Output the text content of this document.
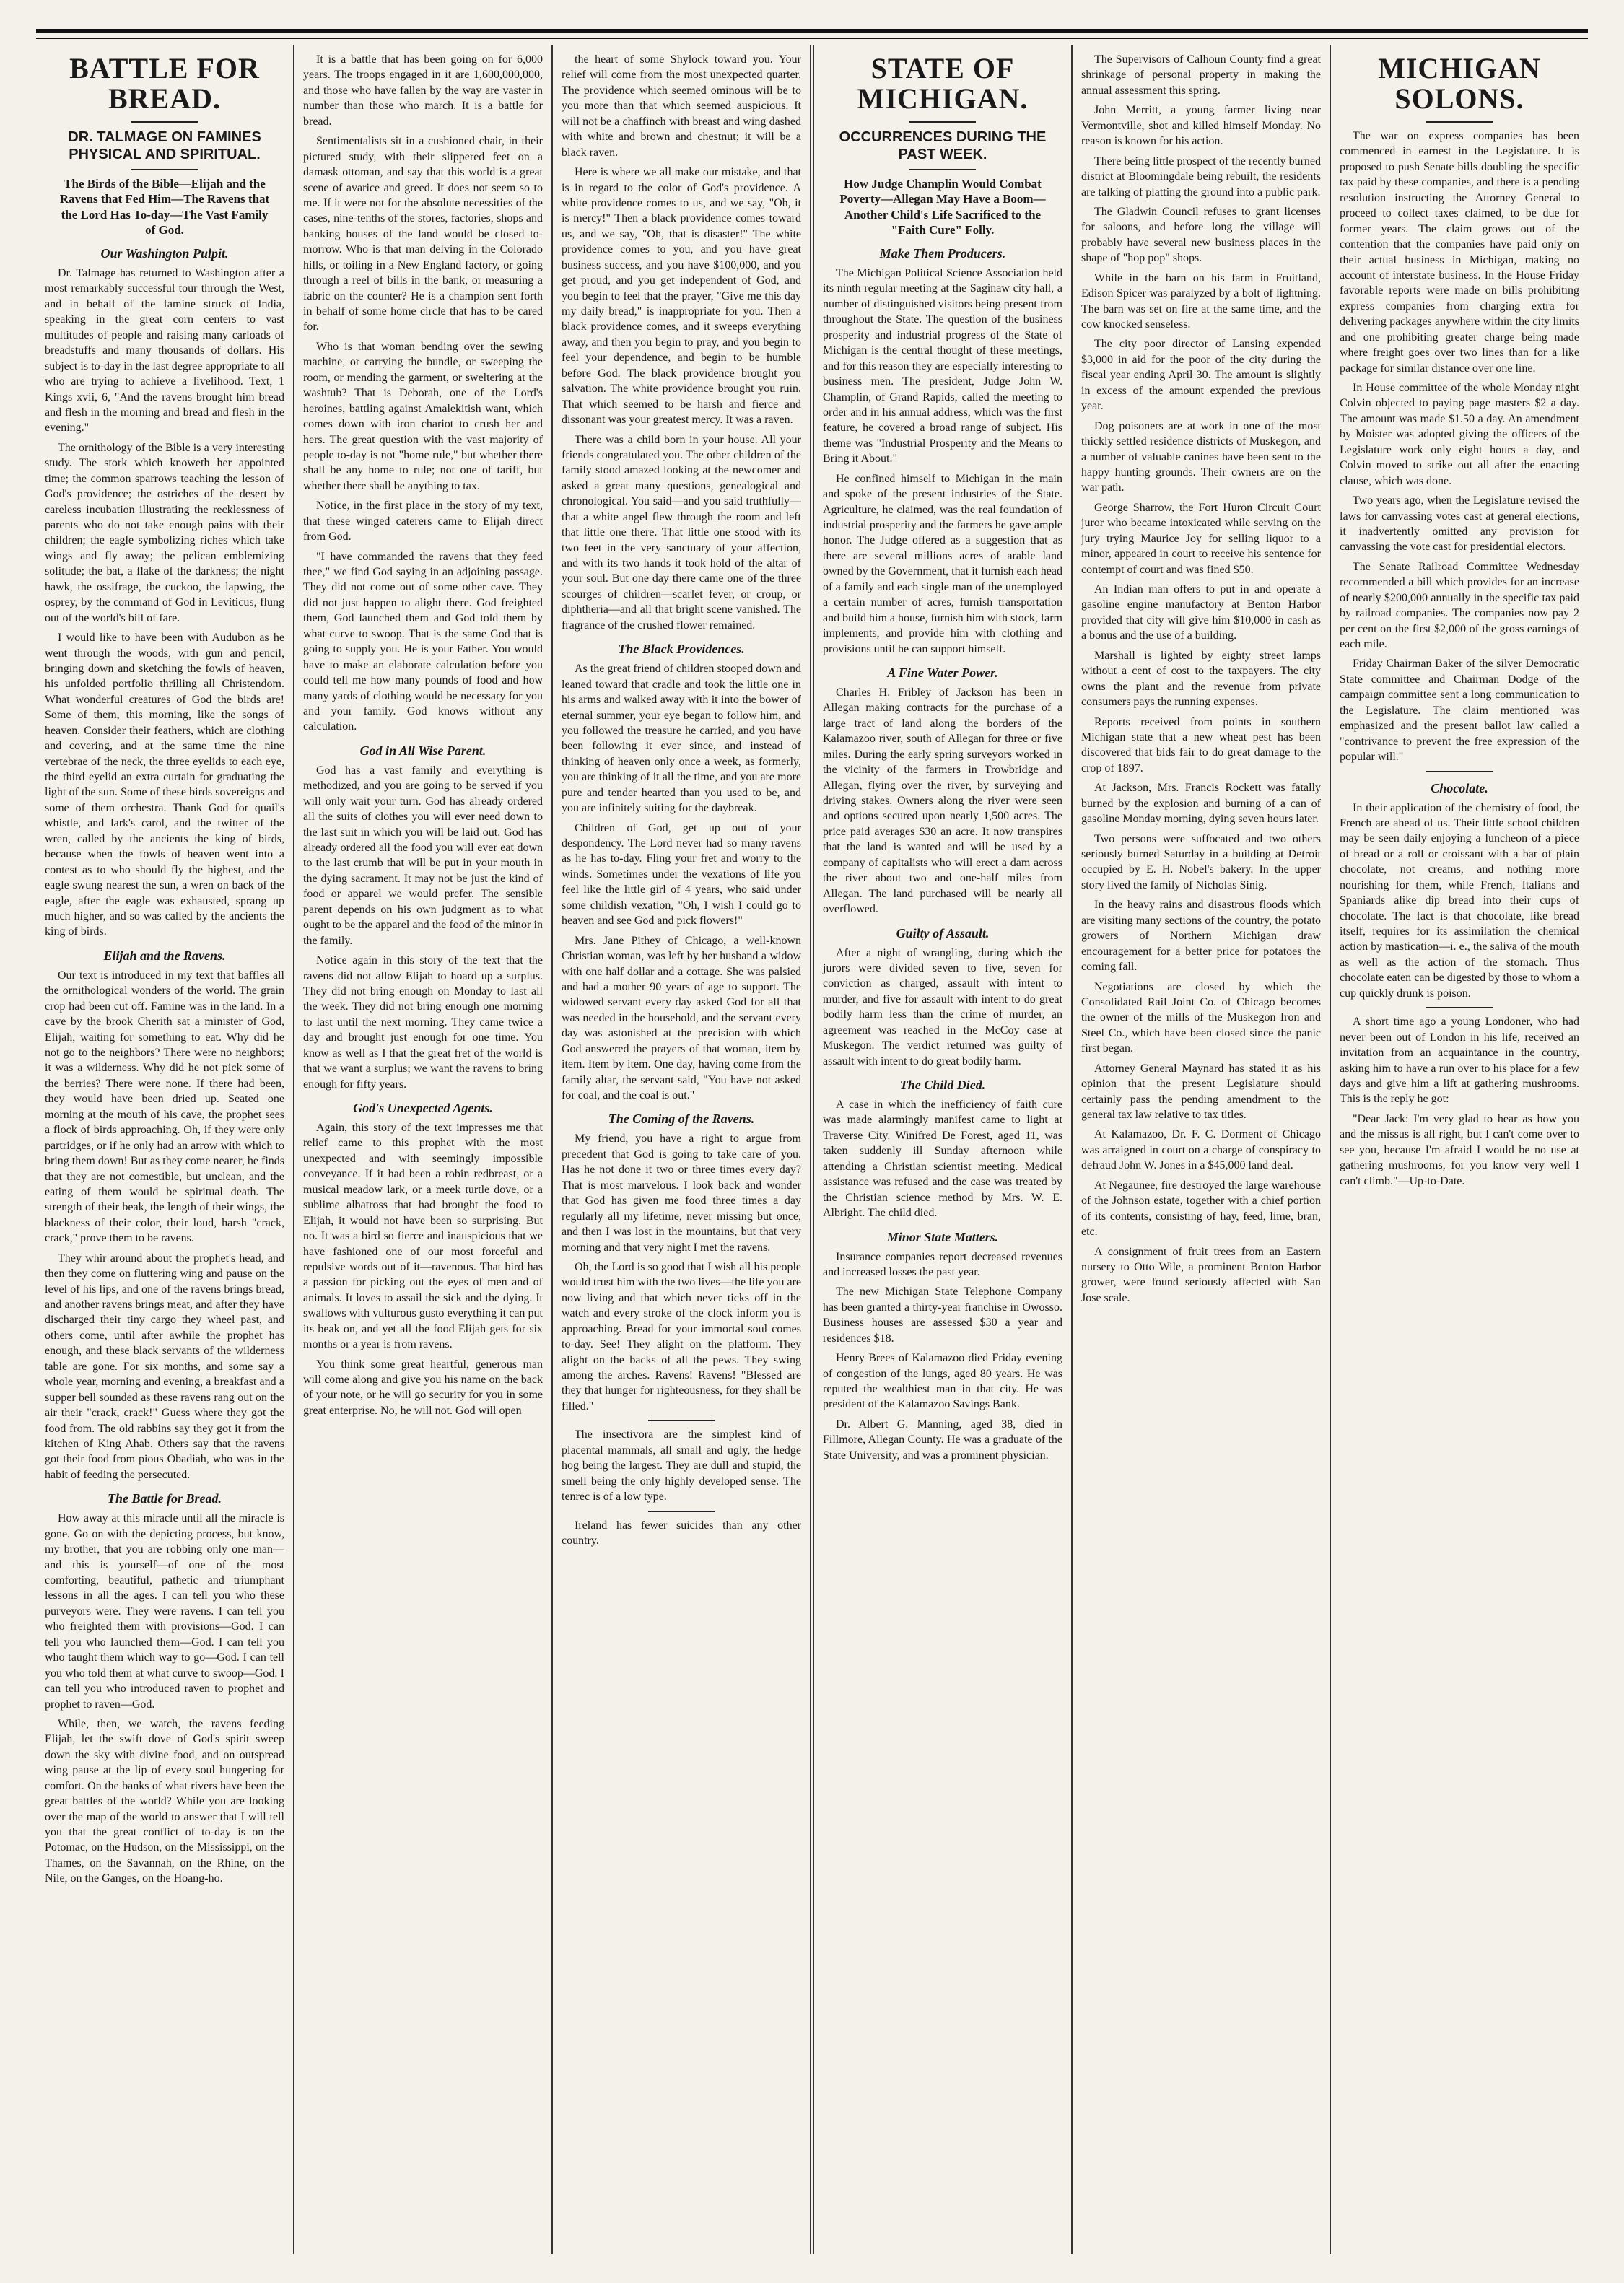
BATTLE FOR BREAD.
DR. TALMAGE ON FAMINES PHYSICAL AND SPIRITUAL.
The Birds of the Bible—Elijah and the Ravens that Fed Him—The Ravens that the Lord Has To-day—The Vast Family of God.
Our Washington Pulpit.

Dr. Talmage has returned to Washington after a most remarkably successful tour through the West, and in behalf of the famine struck of India, speaking in the great corn centers to vast multitudes of people and raising many carloads of breadstuffs and many thousands of dollars. His subject is to-day in the last degree appropriate to all who are trying to achieve a livelihood. Text, 1 Kings xvii, 6, "And the ravens brought him bread and flesh in the morning and bread and flesh in the evening."

The ornithology of the Bible is a very interesting study. The stork which knoweth her appointed time; the common sparrows teaching the lesson of God's providence; the ostriches of the desert by careless incubation illustrating the recklessness of parents who do not take enough pains with their children; the eagle symbolizing riches which take wings and fly away; the pelican emblemizing solitude; the bat, a flake of the darkness; the night hawk, the ossifrage, the cuckoo, the lapwing, the osprey, by the command of God in Leviticus, flung out of the world's bill of fare.

I would like to have been with Audubon as he went through the woods, with gun and pencil, bringing down and sketching the fowls of heaven, his unfolded portfolio thrilling all Christendom. What wonderful creatures of God the birds are! Some of them, this morning, like the songs of heaven. Consider their feathers, which are clothing and covering, and at the same time the nine vertebrae of the neck, the three eyelids to each eye, the third eyelid an extra curtain for graduating the light of the sun. Some of these birds sovereigns and some of them orchestra. Thank God for quail's whistle, and lark's carol, and the twitter of the wren, called by the ancients the king of birds, because when the fowls of heaven went into a contest as to who should fly the highest, and the eagle swung nearest the sun, a wren on back of the eagle, after the eagle was exhausted, sprang up much higher, and so was called by the ancients the king of birds.

Elijah and the Ravens.

Our text is introduced in my text that baffles all the ornithological wonders of the world. The grain crop had been cut off. Famine was in the land. In a cave by the brook Cherith sat a minister of God, Elijah, waiting for something to eat. Why did he not go to the neighbors? There were no neighbors; it was a wilderness. Why did he not pick some of the berries? There were none. If there had been, they would have been dried up. Seated one morning at the mouth of his cave, the prophet sees a flock of birds approaching. Oh, if they were only partridges, or if he only had an arrow with which to bring them down! But as they come nearer, he finds that they are not comestible, but unclean, and the eating of them would be spiritual death. The strength of their beak, the length of their wings, the blackness of their color, their loud, harsh "crack, crack," prove them to be ravens.

They whir around about the prophet's head, and then they come on fluttering wing and pause on the level of his lips, and one of the ravens brings bread, and another ravens brings meat, and after they have discharged their tiny cargo they wheel past, and others come, until after awhile the prophet has enough, and these black servants of the wilderness table are gone. For six months, and some say a whole year, morning and evening, a breakfast and a supper bell sounded as these ravens rang out on the air their "crack, crack!" Guess where they got the food from. The old rabbins say they got it from the kitchen of King Ahab. Others say that the ravens got their food from pious Obadiah, who was in the habit of feeding the persecuted.

The Battle for Bread.

How away at this miracle until all the miracle is gone. Go on with the depicting process, but know, my brother, that you are robbing only one man—and this is yourself—of one of the most comforting, beautiful, pathetic and triumphant lessons in all the ages. I can tell you who these purveyors were. They were ravens. I can tell you who freighted them with provisions—God. I can tell you who launched them—God. I can tell you who taught them which way to go—God. I can tell you who told them at what curve to swoop—God. I can tell you who introduced raven to prophet and prophet to raven—God.

While, then, we watch, the ravens feeding Elijah, let the swift dove of God's spirit sweep down the sky with divine food, and on outspread wing pause at the lip of every soul hungering for comfort. On the banks of what rivers have been the great battles of the world? While you are looking over the map of the world to answer that I will tell you that the great conflict of to-day is on the Potomac, on the Hudson, on the Mississippi, on the Thames, on the Savannah, on the Rhine, on the Nile, on the Ganges, on the Hoang-ho.

It is a battle that has been going on for 6,000 years. The troops engaged in it are 1,600,000,000, and those who have fallen by the way are vaster in number than those who march. It is a battle for bread.

Sentimentalists sit in a cushioned chair, in their pictured study, with their slippered feet on a damask ottoman, and say that this world is a great scene of avarice and greed. It does not seem so to me. If it were not for the absolute necessities of the cases, nine-tenths of the stores, factories, shops and banking houses of the land would be closed to-morrow. Who is that man delving in the Colorado hills, or toiling in a New England factory, or going through a reel of bills in the bank, or measuring a fabric on the counter? He is a champion sent forth in behalf of some home circle that has to be cared for.

Who is that woman bending over the sewing machine, or carrying the bundle, or sweeping the room, or mending the garment, or sweltering at the washtub? That is Deborah, one of the Lord's heroines, battling against Amalekitish want, which comes down with iron chariot to crush her and hers. The great question with the vast majority of people to-day is not "home rule," but whether there shall be any home to rule; not one of tariff, but whether there shall be anything to tax.

Notice, in the first place in the story of my text, that these winged caterers came to Elijah direct from God.

"I have commanded the ravens that they feed thee," we find God saying in an adjoining passage. They did not come out of some other cave. They did not just happen to alight there. God freighted them, God launched them and God told them by what curve to swoop. That is the same God that is going to supply you. He is your Father. You would have to make an elaborate calculation before you could tell me how many pounds of food and how many yards of clothing would be necessary for you and your family. God knows without any calculation.

God in All Wise Parent.

God has a vast family and everything is methodized, and you are going to be served if you will only wait your turn. God has already ordered all the suits of clothes you will ever need down to the last suit in which you will be laid out. God has already ordered all the food you will ever eat down to the last crumb that will be put in your mouth in the dying sacrament. It may not be just the kind of food or apparel we would prefer. The sensible parent depends on his own judgment as to what ought to be the apparel and the food of the minor in the family.

Notice again in this story of the text that the ravens did not allow Elijah to hoard up a surplus. They did not bring enough on Monday to last all the week. They did not bring enough one morning to last until the next morning. They came twice a day and brought just enough for one time. You know as well as I that the great fret of the world is that we want a surplus; we want the ravens to bring enough for fifty years.

God's Unexpected Agents.

Again, this story of the text impresses me that relief came to this prophet with the most unexpected and with seemingly impossible conveyance. If it had been a robin redbreast, or a musical meadow lark, or a meek turtle dove, or a sublime albatross that had brought the food to Elijah, it would not have been so surprising. But no. It was a bird so fierce and inauspicious that we have fashioned one of our most forceful and repulsive words out of it—ravenous. That bird has a passion for picking out the eyes of men and of animals. It loves to assail the sick and the dying. It swallows with vulturous gusto everything it can put its beak on, and yet all the food Elijah gets for six months or a year is from ravens.

You think some great heartful, generous man will come along and give you his name on the back of your note, or he will go security for you in some great enterprise. No, he will not. God will open

the heart of some Shylock toward you. Your relief will come from the most unexpected quarter. The providence which seemed ominous will be to you more than that which seemed auspicious. It will not be a chaffinch with breast and wing dashed with white and brown and chestnut; it will be a black raven.

Here is where we all make our mistake, and that is in regard to the color of God's providence. A white providence comes to us, and we say, "Oh, it is mercy!" Then a black providence comes toward us, and we say, "Oh, that is disaster!" The white providence comes to you, and you have great business success, and you have $100,000, and you get proud, and you get independent of God, and you begin to feel that the prayer, "Give me this day my daily bread," is inappropriate for you. Then a black providence comes, and it sweeps everything away, and then you begin to pray, and you begin to feel your dependence, and begin to be humble before God. The black providence brought you salvation. The white providence brought you ruin. That which seemed to be harsh and fierce and dissonant was your greatest mercy. It was a raven.

There was a child born in your house. All your friends congratulated you. The other children of the family stood amazed looking at the newcomer and asked a great many questions, genealogical and chronological. You said—and you said truthfully—that a white angel flew through the room and left that little one there. That little one stood with its two feet in the very sanctuary of your affection, and with its two hands it took hold of the altar of your soul. But one day there came one of the three scourges of children—scarlet fever, or croup, or diphtheria—and all that bright scene vanished. The fragrance of the crushed flower remained.

The Black Providences.

As the great friend of children stooped down and leaned toward that cradle and took the little one in his arms and walked away with it into the bower of eternal summer, your eye began to follow him, and you followed the treasure he carried, and you have been following it ever since, and instead of thinking of heaven only once a week, as formerly, you are thinking of it all the time, and you are more pure and tender hearted than you used to be, and you are infinitely suiting for the daybreak.

Children of God, get up out of your despondency. The Lord never had so many ravens as he has to-day. Fling your fret and worry to the winds. Sometimes under the vexations of life you feel like the little girl of 4 years, who said under some childish vexation, "Oh, I wish I could go to heaven and see God and pick flowers!"

Mrs. Jane Pithey of Chicago, a well-known Christian woman, was left by her husband a widow with one half dollar and a cottage. She was palsied and had a mother 90 years of age to support. The widowed servant every day asked God for all that was needed in the household, and the servant every day was astonished at the precision with which God answered the prayers of that woman, item by item. Item by item. One day, having come from the family altar, the servant said, "You have not asked for coal, and the coal is out."

The Coming of the Ravens.

My friend, you have a right to argue from precedent that God is going to take care of you. Has he not done it two or three times every day? That is most marvelous. I look back and wonder that God has given me food three times a day regularly all my lifetime, never missing but once, and then I was lost in the mountains, but that very morning and that very night I met the ravens.

Oh, the Lord is so good that I wish all his people would trust him with the two lives—the life you are now living and that which never ticks off in the watch and every stroke of the clock inform you is approaching. Bread for your immortal soul comes to-day. See! They alight on the platform. They alight on the backs of all the pews. They swing among the arches. Ravens! Ravens! "Blessed are they that hunger for righteousness, for they shall be filled."

The insectivora are the simplest kind of placental mammals, all small and ugly, the hedge hog being the largest. They are dull and stupid, the smell being the only highly developed sense. The tenrec is of a low type.

Ireland has fewer suicides than any other country.

STATE OF MICHIGAN.
OCCURRENCES DURING THE PAST WEEK.
How Judge Champlin Would Combat Poverty—Allegan May Have a Boom—Another Child's Life Sacrificed to the "Faith Cure" Folly.
Make Them Producers.

The Michigan Political Science Association held its ninth regular meeting at the Saginaw city hall, a number of distinguished visitors being present from throughout the State. The question of the business prosperity and industrial progress of the State of Michigan is the central thought of these meetings, and for this reason they are especially interesting to business men. The president, Judge John W. Champlin, of Grand Rapids, called the meeting to order and in his annual address, which was the first feature, he covered a broad range of subject. His theme was "Industrial Prosperity and the Means to Bring it About."

He confined himself to Michigan in the main and spoke of the present industries of the State. Agriculture, he claimed, was the real foundation of industrial prosperity and the farmers he gave ample honor. The Judge offered as a suggestion that as there are several millions acres of arable land owned by the Government, that it furnish each head of a family and each single man of the unemployed a certain number of acres, furnish transportation and build him a house, furnish him with stock, farm implements, and provide him with clothing and provisions until he can support himself.

A Fine Water Power.

Charles H. Fribley of Jackson has been in Allegan making contracts for the purchase of a large tract of land along the borders of the Kalamazoo river, south of Allegan for three or five miles. During the early spring surveyors worked in the vicinity of the farmers in Trowbridge and Allegan, flying over the river, by surveying and driving stakes. Owners along the river were seen and options secured upon nearly 1,500 acres. The price paid averages $30 an acre. It now transpires that the land is wanted and will be used by a company of capitalists who will erect a dam across the river about two and one-half miles from Allegan. The land purchased will be nearly all overflowed.

Guilty of Assault.

After a night of wrangling, during which the jurors were divided seven to five, seven for conviction as charged, assault with intent to murder, and five for assault with intent to do great bodily harm less than the crime of murder, an agreement was reached in the McCoy case at Muskegon. The verdict returned was guilty of assault with intent to do great bodily harm.

The Child Died.

A case in which the inefficiency of faith cure was made alarmingly manifest came to light at Traverse City. Winifred De Forest, aged 11, was taken suddenly ill Sunday afternoon while attending a Christian scientist meeting. Medical assistance was refused and the case was treated by the Christian science method by Mrs. W. E. Albright. The child died.

Minor State Matters.

Insurance companies report decreased revenues and increased losses the past year.

The new Michigan State Telephone Company has been granted a thirty-year franchise in Owosso. Business houses are assessed $30 a year and residences $18.

Henry Brees of Kalamazoo died Friday evening of congestion of the lungs, aged 80 years. He was reputed the wealthiest man in that city. He was president of the Kalamazoo Savings Bank.

Dr. Albert G. Manning, aged 38, died in Fillmore, Allegan County. He was a graduate of the State University, and was a prominent physician.

The Supervisors of Calhoun County find a great shrinkage of personal property in making the annual assessment this spring.

John Merritt, a young farmer living near Vermontville, shot and killed himself Monday. No reason is known for his action.

There being little prospect of the recently burned district at Bloomingdale being rebuilt, the residents are talking of platting the ground into a public park.

The Gladwin Council refuses to grant licenses for saloons, and before long the village will probably have several new business places in the shape of "hop pop" shops.

While in the barn on his farm in Fruitland, Edison Spicer was paralyzed by a bolt of lightning. The barn was set on fire at the same time, and the cow knocked senseless.

The city poor director of Lansing expended $3,000 in aid for the poor of the city during the fiscal year ending April 30. The amount is slightly in excess of the amount expended the previous year.

Dog poisoners are at work in one of the most thickly settled residence districts of Muskegon, and a number of valuable canines have been sent to the happy hunting grounds. Their owners are on the war path.

George Sharrow, the Fort Huron Circuit Court juror who became intoxicated while serving on the jury trying Maurice Joy for selling liquor to a minor, appeared in court to receive his sentence for contempt of court and was fined $50.

An Indian man offers to put in and operate a gasoline engine manufactory at Benton Harbor provided that city will give him $10,000 in cash as a bonus and the use of a building.

Marshall is lighted by eighty street lamps without a cent of cost to the taxpayers. The city owns the plant and the revenue from private consumers pays the running expenses.

Reports received from points in southern Michigan state that a new wheat pest has been discovered that bids fair to do great damage to the crop of 1897.

At Jackson, Mrs. Francis Rockett was fatally burned by the explosion and burning of a can of gasoline Monday morning, dying seven hours later.

Two persons were suffocated and two others seriously burned Saturday in a building at Detroit occupied by E. H. Nobel's bakery. In the upper story lived the family of Nicholas Sinig.

In the heavy rains and disastrous floods which are visiting many sections of the country, the potato growers of Northern Michigan draw encouragement for a better price for potatoes the coming fall.

Negotiations are closed by which the Consolidated Rail Joint Co. of Chicago becomes the owner of the mills of the Muskegon Iron and Steel Co., which have been closed since the panic first began.

Attorney General Maynard has stated it as his opinion that the present Legislature should certainly pass the pending amendment to the general tax law relative to tax titles.

At Kalamazoo, Dr. F. C. Dorment of Chicago was arraigned in court on a charge of conspiracy to defraud John W. Jones in a $45,000 land deal.

At Negaunee, fire destroyed the large warehouse of the Johnson estate, together with a chief portion of its contents, consisting of hay, feed, lime, bran, etc.

A consignment of fruit trees from an Eastern nursery to Otto Wile, a prominent Benton Harbor grower, were found seriously affected with San Jose scale.

MICHIGAN SOLONS.

The war on express companies has been commenced in earnest in the Legislature. It is proposed to push Senate bills doubling the specific tax paid by these companies, and there is a pending resolution instructing the Attorney General to proceed to collect taxes claimed, to be due for former years. The claim grows out of the contention that the companies have paid only on their actual business in Michigan, making no account of interstate business. In the House Friday favorable reports were made on bills prohibiting express companies from charging extra for delivering packages anywhere within the city limits and one prohibiting greater charge being made where freight goes over two lines than for a like package for similar distance over one line.

In House committee of the whole Monday night Colvin objected to paying page masters $2 a day. The amount was made $1.50 a day. An amendment by Moister was adopted giving the officers of the Legislature work only eight hours a day, and Colvin moved to strike out all after the enacting clause, which was done.

Two years ago, when the Legislature revised the laws for canvassing votes cast at general elections, it inadvertently omitted any provision for canvassing the vote cast for presidential electors.

The Senate Railroad Committee Wednesday recommended a bill which provides for an increase of nearly $200,000 annually in the specific tax paid by railroad companies. The companies now pay 2 per cent on the first $2,000 of the gross earnings of each mile.

Friday Chairman Baker of the silver Democratic State committee and Chairman Dodge of the campaign committee sent a long communication to the Legislature. The claim mentioned was emphasized and the present ballot law called a "contrivance to prevent the free expression of the popular will."

Chocolate.

In their application of the chemistry of food, the French are ahead of us. Their little school children may be seen daily enjoying a luncheon of a piece of bread or a roll or croissant with a bar of plain chocolate, not creams, and nothing more nourishing for them, while French, Italians and Spaniards alike dip bread into their cups of chocolate. The fact is that chocolate, like bread itself, requires for its assimilation the chemical action by mastication—i. e., the saliva of the mouth as well as the action of the stomach. Thus chocolate eaten can be digested by those to whom a cup quickly drunk is poison.

A short time ago a young Londoner, who had never been out of London in his life, received an invitation from an acquaintance in the country, asking him to have a run over to his place for a few days and give him a lift at gathering mushrooms. This is the reply he got:

"Dear Jack: I'm very glad to hear as how you and the missus is all right, but I can't come over to see you, because I'm afraid I would be no use at gathering mushrooms, for you know very well I can't climb."—Up-to-Date.
